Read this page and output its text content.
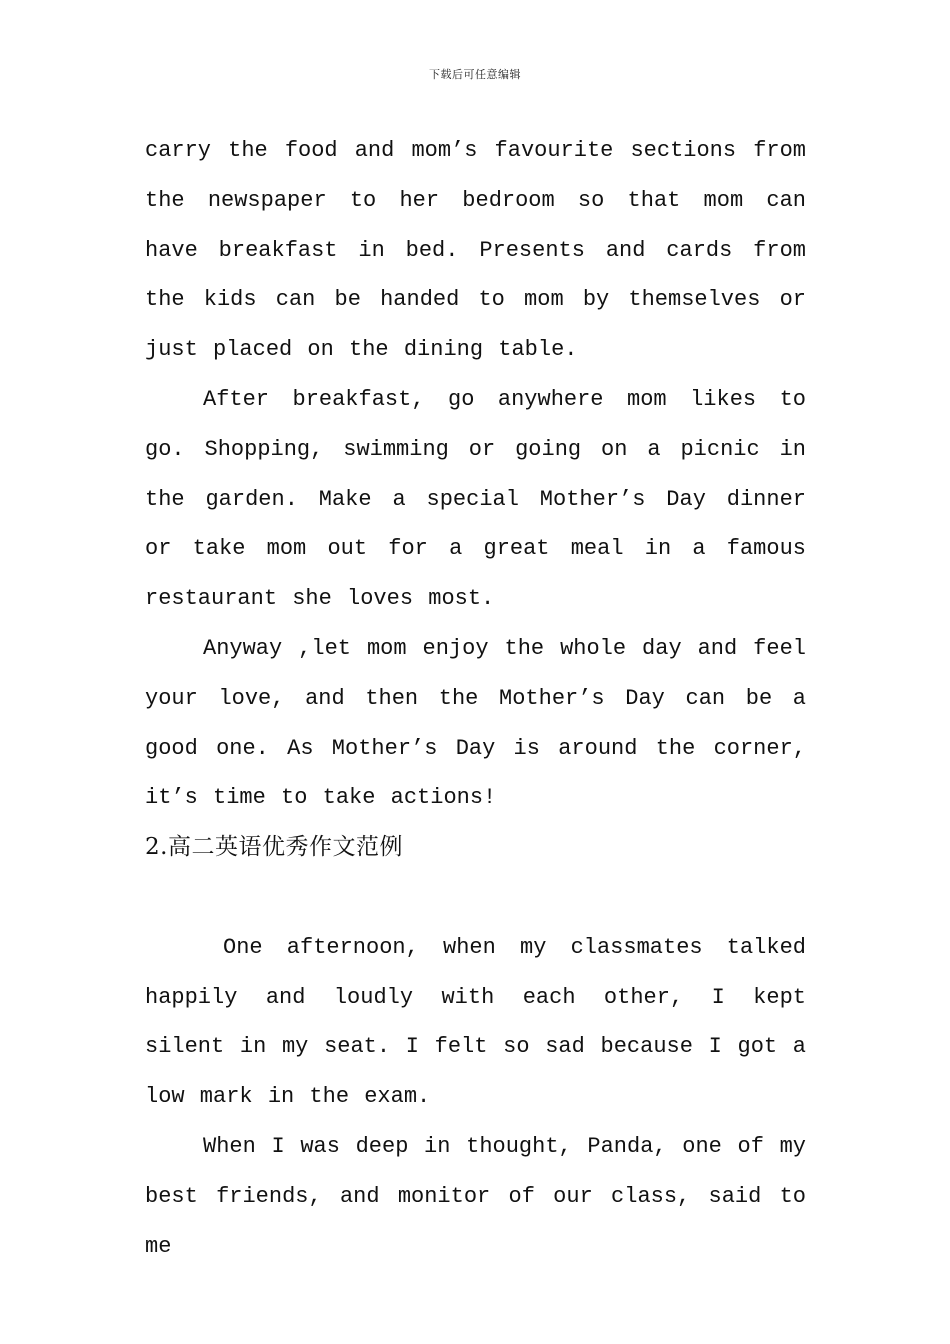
下载后可任意编辑

carry the food and mom’s favourite sections from the newspaper to her bedroom so that mom can have breakfast in bed. Presents and cards from the kids can be handed to mom by themselves or just placed on the dining table.

After breakfast, go anywhere mom likes to go. Shopping, swimming or going on a picnic in the garden. Make a special Mother’s Day dinner or take mom out for a great meal in a famous restaurant she loves most.

Anyway ,let mom enjoy the whole day and feel your love, and then the Mother’s Day can be a good one. As Mother’s Day is around the corner, it’s time to take actions!

2.高二英语优秀作文范例

One afternoon, when my classmates talked happily and loudly with each other, I kept silent in my seat. I felt so sad because I got a low mark in the exam.

When I was deep in thought, Panda, one of my best friends, and monitor of our class, said to me
